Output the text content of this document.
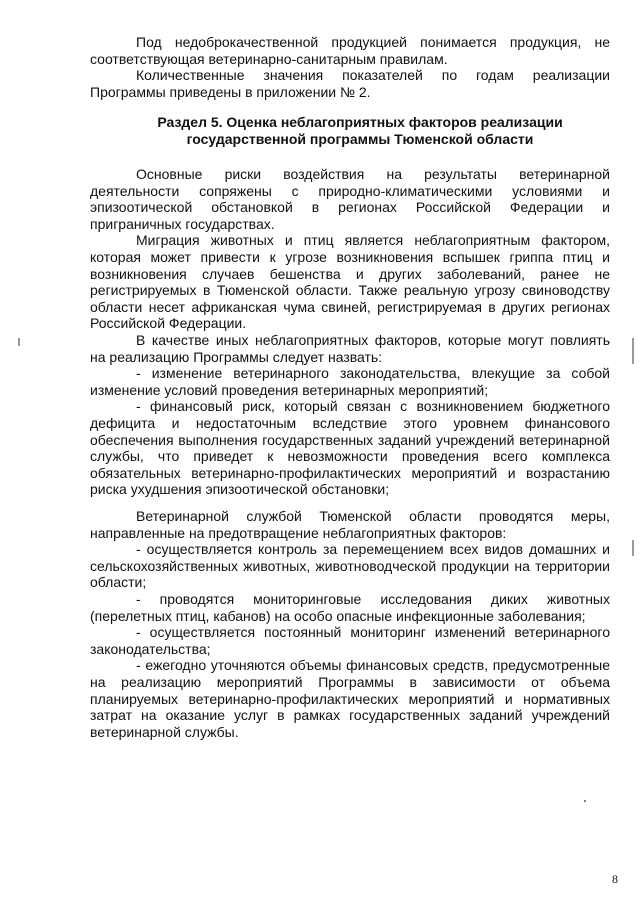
Под недоброкачественной продукцией понимается продукция, не соответствующая ветеринарно-санитарным правилам.

Количественные значения показателей по годам реализации Программы приведены в приложении № 2.

Раздел 5. Оценка неблагоприятных факторов реализации
государственной программы Тюменской области

Основные риски воздействия на результаты ветеринарной деятельности сопряжены с природно-климатическими условиями и эпизоотической обстановкой в регионах Российской Федерации и приграничных государствах.

Миграция животных и птиц является неблагоприятным фактором, которая может привести к угрозе возникновения вспышек гриппа птиц и возникновения случаев бешенства и других заболеваний, ранее не регистрируемых в Тюменской области. Также реальную угрозу свиноводству области несет африканская чума свиней, регистрируемая в других регионах Российской Федерации.

В качестве иных неблагоприятных факторов, которые могут повлиять на реализацию Программы следует назвать:

- изменение ветеринарного законодательства, влекущие за собой изменение условий проведения ветеринарных мероприятий;

- финансовый риск, который связан с возникновением бюджетного дефицита и недостаточным вследствие этого уровнем финансового обеспечения выполнения государственных заданий учреждений ветеринарной службы, что приведет к невозможности проведения всего комплекса обязательных ветеринарно-профилактических мероприятий и возрастанию риска ухудшения эпизоотической обстановки;

Ветеринарной службой Тюменской области проводятся меры, направленные на предотвращение неблагоприятных факторов:

- осуществляется контроль за перемещением всех видов домашних и сельскохозяйственных животных, животноводческой продукции на территории области;

- проводятся мониторинговые исследования диких животных (перелетных птиц, кабанов) на особо опасные инфекционные заболевания;

- осуществляется постоянный мониторинг изменений ветеринарного законодательства;

- ежегодно уточняются объемы финансовых средств, предусмотренные на реализацию мероприятий Программы в зависимости от объема планируемых ветеринарно-профилактических мероприятий и нормативных затрат на оказание услуг в рамках государственных заданий учреждений ветеринарной службы.

8
